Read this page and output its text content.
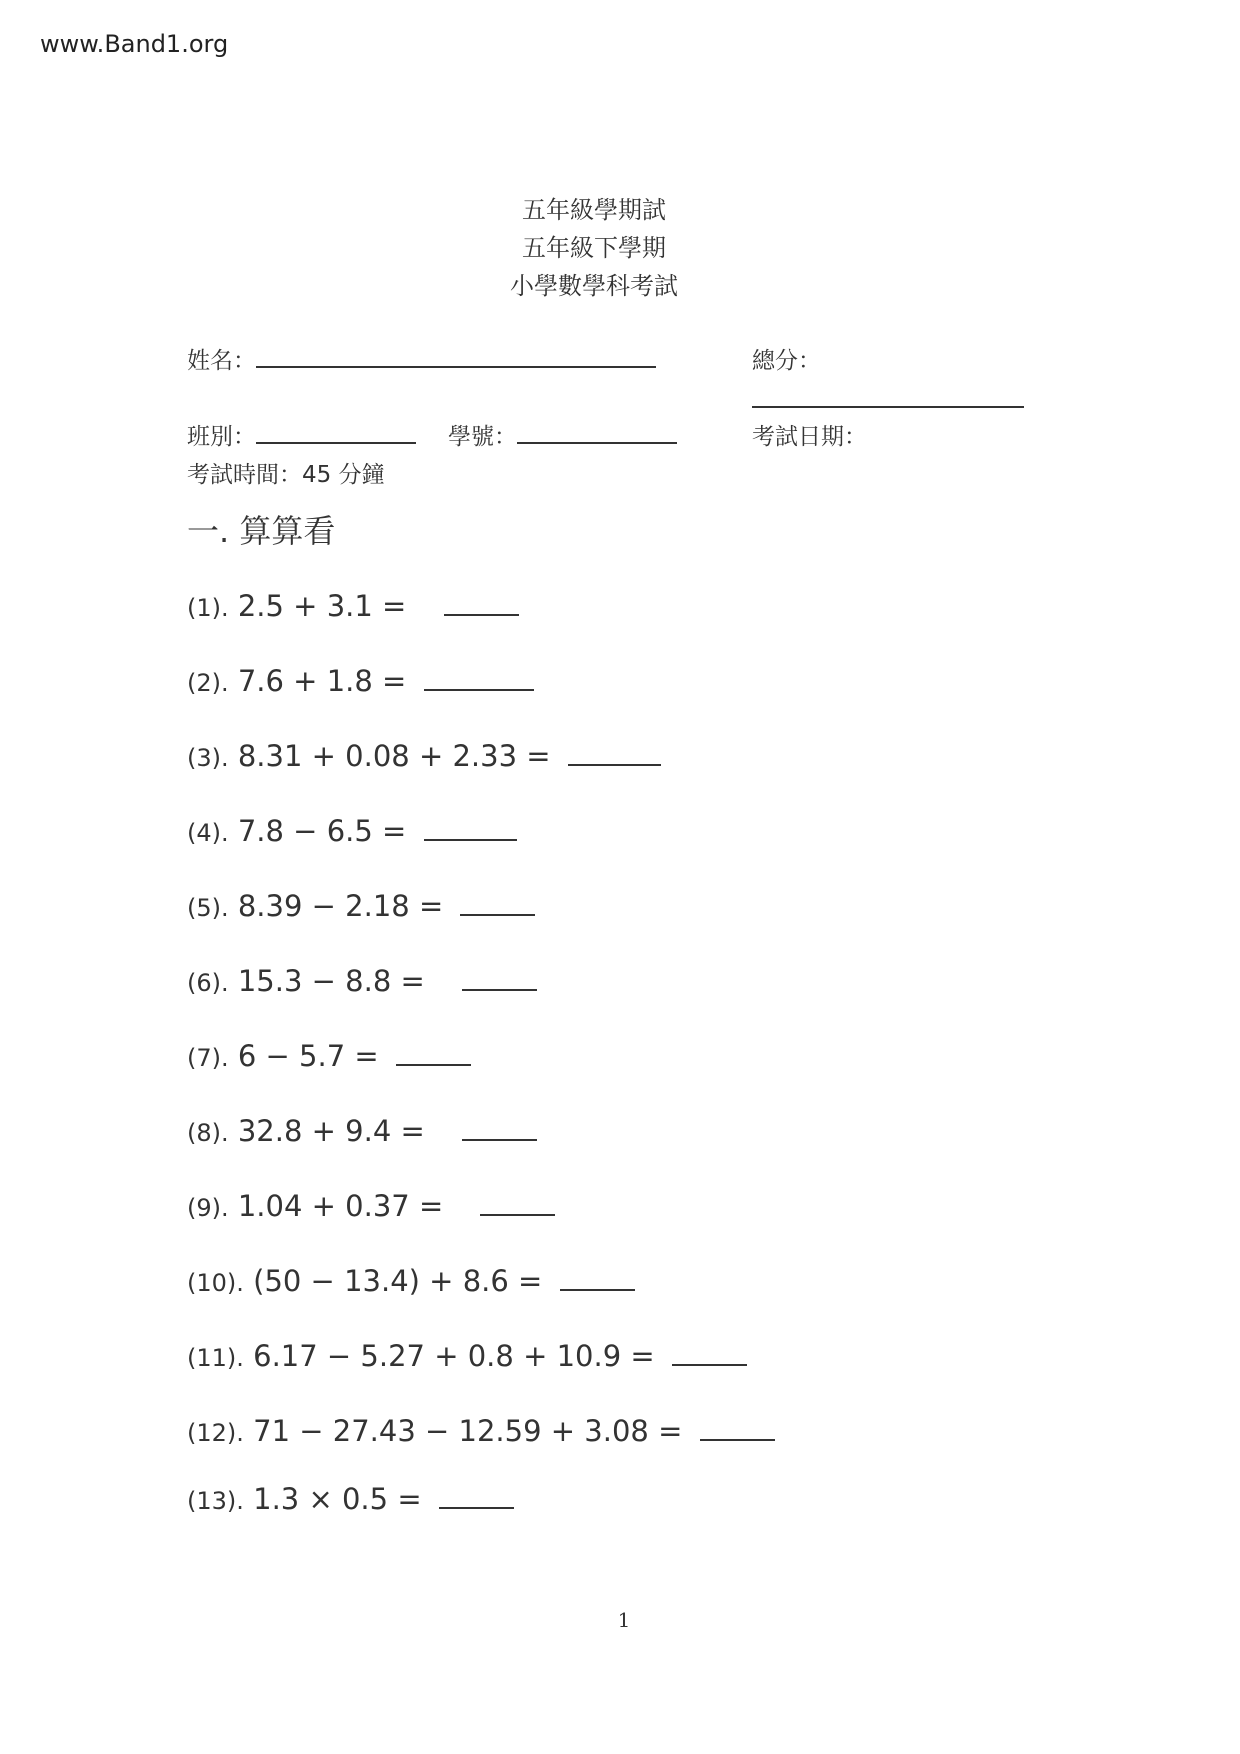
www.Band1.org
五年級學期試
五年級下學期
小學數學科考試
姓名：	總分：
班別：	學號：	考試日期：
考試時間：45 分鐘
一. 算算看
(1). 2.5 + 3.1 =
(2). 7.6 + 1.8 =
(3). 8.31 + 0.08 + 2.33 =
(4). 7.8 − 6.5 =
(5). 8.39 − 2.18 =
(6). 15.3 − 8.8 =
(7). 6 − 5.7 =
(8). 32.8 + 9.4 =
(9). 1.04 + 0.37 =
(10). (50 − 13.4) + 8.6 =
(11). 6.17 − 5.27 + 0.8 + 10.9 =
(12). 71 − 27.43 − 12.59 + 3.08 =
(13). 1.3 × 0.5 =
1
